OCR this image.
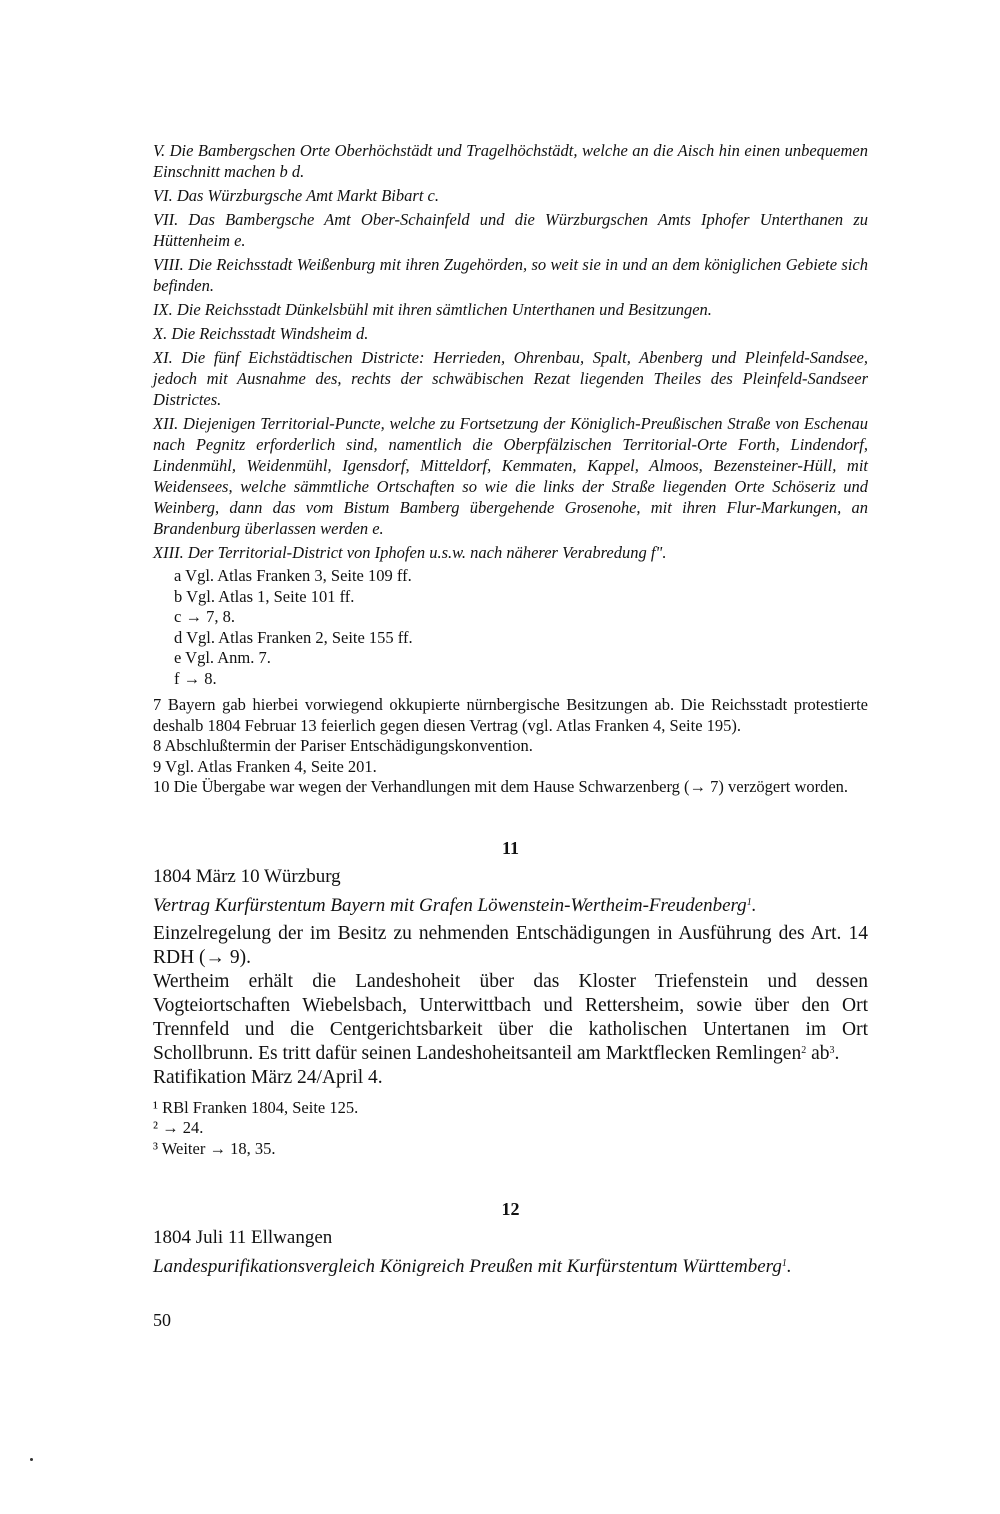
V. Die Bambergschen Orte Oberhöchstädt und Tragelhöchstädt, welche an die Aisch hin einen unbequemen Einschnitt machen b d.

VI. Das Würzburgsche Amt Markt Bibart c.

VII. Das Bambergsche Amt Ober-Schainfeld und die Würzburgschen Amts Iphofer Unterthanen zu Hüttenheim e.

VIII. Die Reichsstadt Weißenburg mit ihren Zugehörden, so weit sie in und an dem königlichen Gebiete sich befinden.

IX. Die Reichsstadt Dünkelsbühl mit ihren sämtlichen Unterthanen und Besitzungen.

X. Die Reichsstadt Windsheim d.

XI. Die fünf Eichstädtischen Districte: Herrieden, Ohrenbau, Spalt, Abenberg und Pleinfeld-Sandsee, jedoch mit Ausnahme des, rechts der schwäbischen Rezat liegenden Theiles des Pleinfeld-Sandseer Districtes.

XII. Diejenigen Territorial-Puncte, welche zu Fortsetzung der Königlich-Preußischen Straße von Eschenau nach Pegnitz erforderlich sind, namentlich die Oberpfälzischen Territorial-Orte Forth, Lindendorf, Lindenmühl, Weidenmühl, Igensdorf, Mitteldorf, Kemmaten, Kappel, Almoos, Bezensteiner-Hüll, mit Weidensees, welche sämmtliche Ortschaften so wie die links der Straße liegenden Orte Schöseriz und Weinberg, dann das vom Bistum Bamberg übergehende Grosenohe, mit ihren Flur-Markungen, an Brandenburg überlassen werden e.

XIII. Der Territorial-District von Iphofen u.s.w. nach näherer Verabredung f".

a Vgl. Atlas Franken 3, Seite 109 ff.
b Vgl. Atlas 1, Seite 101 ff.
c → 7, 8.
d Vgl. Atlas Franken 2, Seite 155 ff.
e Vgl. Anm. 7.
f → 8.

7 Bayern gab hierbei vorwiegend okkupierte nürnbergische Besitzungen ab. Die Reichsstadt protestierte deshalb 1804 Februar 13 feierlich gegen diesen Vertrag (vgl. Atlas Franken 4, Seite 195).

8 Abschlußtermin der Pariser Entschädigungskonvention.

9 Vgl. Atlas Franken 4, Seite 201.

10 Die Übergabe war wegen der Verhandlungen mit dem Hause Schwarzenberg (→ 7) verzögert worden.

11
1804 März 10 Würzburg
Vertrag Kurfürstentum Bayern mit Grafen Löwenstein-Wertheim-Freudenberg$^1$.

Einzelregelung der im Besitz zu nehmenden Entschädigungen in Ausführung des Art. 14 RDH (→ 9).

Wertheim erhält die Landeshoheit über das Kloster Triefenstein und dessen Vogteiortschaften Wiebelsbach, Unterwittbach und Rettersheim, sowie über den Ort Trennfeld und die Centgerichtsbarkeit über die katholischen Untertanen im Ort Schollbrunn. Es tritt dafür seinen Landeshoheitsanteil am Marktflecken Remlingen$^2$ $ab^3$.

Ratifikation März 24/April 4.

¹ RBl Franken 1804, Seite 125.

² → 24.

³ Weiter → 18, 35.

12
1804 Juli 11 Ellwangen
Landespurifikationsvergleich Königreich Preußen mit Kurfürstentum Württemberg$^1$.
50
